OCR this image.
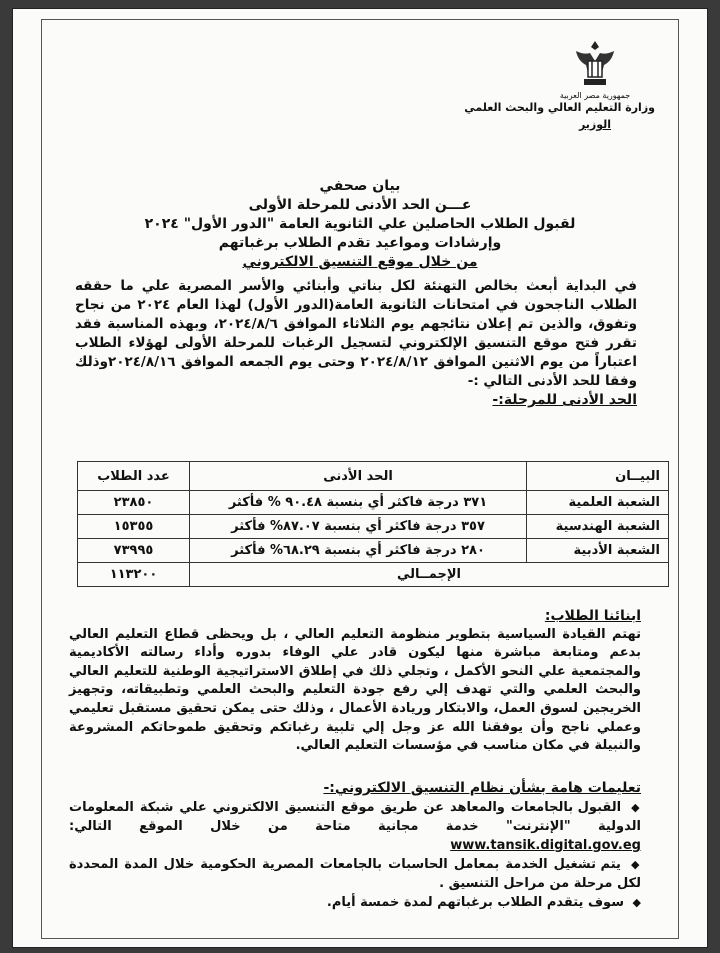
جمهورية مصر العربية
وزارة التعليم العالي والبحث العلمي
الوزير
بيان صحفي
عـــن الحد الأدنى للمرحلة الأولى
لقبول الطلاب الحاصلين علي الثانوية العامة "الدور الأول" ٢٠٢٤
وإرشادات ومواعيد تقدم الطلاب برغباتهم
من خلال موقع التنسيق الالكتروني
في البداية أبعث بخالص التهنئة لكل بناتي وأبنائي والأسر المصرية علي ما حققه الطلاب الناجحون في امتحانات الثانوية العامة(الدور الأول) لهذا العام ٢٠٢٤ من نجاح وتفوق، والذين تم إعلان نتائجهم يوم الثلاثاء الموافق ٢٠٢٤/٨/٦، وبهذه المناسبة فقد تقرر فتح موقع التنسيق الإلكتروني لتسجيل الرغبات للمرحلة الأولى لهؤلاء الطلاب اعتباراً من يوم الاثنين الموافق ٢٠٢٤/٨/١٢ وحتى يوم الجمعه الموافق ٢٠٢٤/٨/١٦وذلك وفقا للحد الأدنى التالي :-
الحد الأدنى للمرحلة:-
البيــان	الحد الأدنى	عدد الطلاب
الشعبة العلمية	٣٧١ درجة فاكثر أي بنسبة ٩٠.٤٨ % فأكثر	٢٣٨٥٠
الشعبة الهندسية	٣٥٧ درجة فاكثر أي بنسبة ٨٧.٠٧% فأكثر	١٥٣٥٥
الشعبة الأدبية	٢٨٠ درجة فاكثر أي بنسبة ٦٨.٢٩% فأكثر	٧٣٩٩٥
الإجمــالي		١١٣٢٠٠
ابنائنا الطلاب:
تهتم القيادة السياسية بتطوير منظومة التعليم العالي ، بل ويحظى قطاع التعليم العالي بدعم ومتابعة مباشرة منها ليكون قادر علي الوفاء بدوره وأداء رسالته الأكاديمية والمجتمعية علي النحو الأكمل ، وتجلي ذلك في إطلاق الاستراتيجية الوطنية للتعليم العالي والبحث العلمي والتي تهدف إلي رفع جودة التعليم والبحث العلمي وتطبيقاته، وتجهيز الخريجين لسوق العمل، والابتكار وريادة الأعمال ، وذلك حتى يمكن تحقيق مستقبل تعليمي وعملي ناجح وأن يوفقنا الله عز وجل إلي تلبية رغباتكم وتحقيق طموحاتكم المشروعة والنبيلة في مكان مناسب في مؤسسات التعليم العالي.
تعليمات هامة بشأن نظام التنسيق الالكتروني:-
◆ القبول بالجامعات والمعاهد عن طريق موقع التنسيق الالكتروني علي شبكة المعلومات الدولية "الإنترنت" خدمة مجانية متاحة من خلال الموقع التالي: www.tansik.digital.gov.eg
◆ يتم تشغيل الخدمة بمعامل الحاسبات بالجامعات المصرية الحكومية خلال المدة المحددة لكل مرحلة من مراحل التنسيق .
◆ سوف يتقدم الطلاب برغباتهم لمدة خمسة أيام.
